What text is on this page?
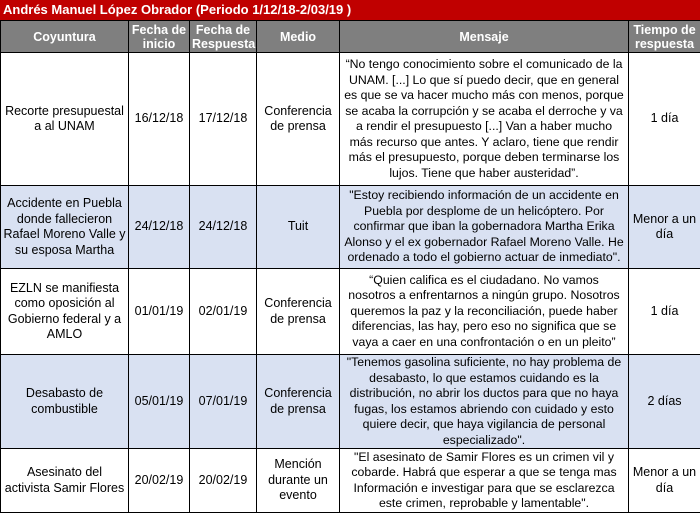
Andrés Manuel López Obrador (Periodo 1/12/18-2/03/19 )
Coyuntura	Fecha de inicio	Fecha de Respuesta	Medio	Mensaje	Tiempo de respuesta
Recorte presupuestal a al UNAM	16/12/18	17/12/18	Conferencia de prensa	“No tengo conocimiento sobre el comunicado de la UNAM. [...] Lo que sí puedo decir, que en general es que se va hacer mucho más con menos, porque se acaba la corrupción y se acaba el derroche y va a rendir el presupuesto [...] Van a haber mucho más recurso que antes. Y aclaro, tiene que rendir más el presupuesto, porque deben terminarse los lujos. Tiene que haber austeridad”.	1 día
Accidente en Puebla donde fallecieron Rafael Moreno Valle y su esposa Martha	24/12/18	24/12/18	Tuit	"Estoy recibiendo información de un accidente en Puebla por desplome de un helicóptero. Por confirmar que iban la gobernadora Martha Erika Alonso y el ex gobernador Rafael Moreno Valle. He ordenado a todo el gobierno actuar de inmediato".	Menor a un día
EZLN se manifiesta como oposición al Gobierno federal y a AMLO	01/01/19	02/01/19	Conferencia de prensa	“Quien califica es el ciudadano. No vamos nosotros a enfrentarnos a ningún grupo. Nosotros queremos la paz y la reconciliación, puede haber diferencias, las hay, pero eso no significa que se vaya a caer en una confrontación o en un pleito”	1 día
Desabasto de combustible	05/01/19	07/01/19	Conferencia de prensa	"Tenemos gasolina suficiente, no hay problema de desabasto, lo que estamos cuidando es la distribución, no abrir los ductos para que no haya fugas, los estamos abriendo con cuidado y esto quiere decir, que haya vigilancia de personal especializado".	2 días
Asesinato del activista Samir Flores	20/02/19	20/02/19	Mención durante un evento	"El asesinato de Samir Flores es un crimen vil y cobarde. Habrá que esperar a que se tenga mas Información e investigar para que se esclarezca este crimen, reprobable y lamentable".	Menor a un día
